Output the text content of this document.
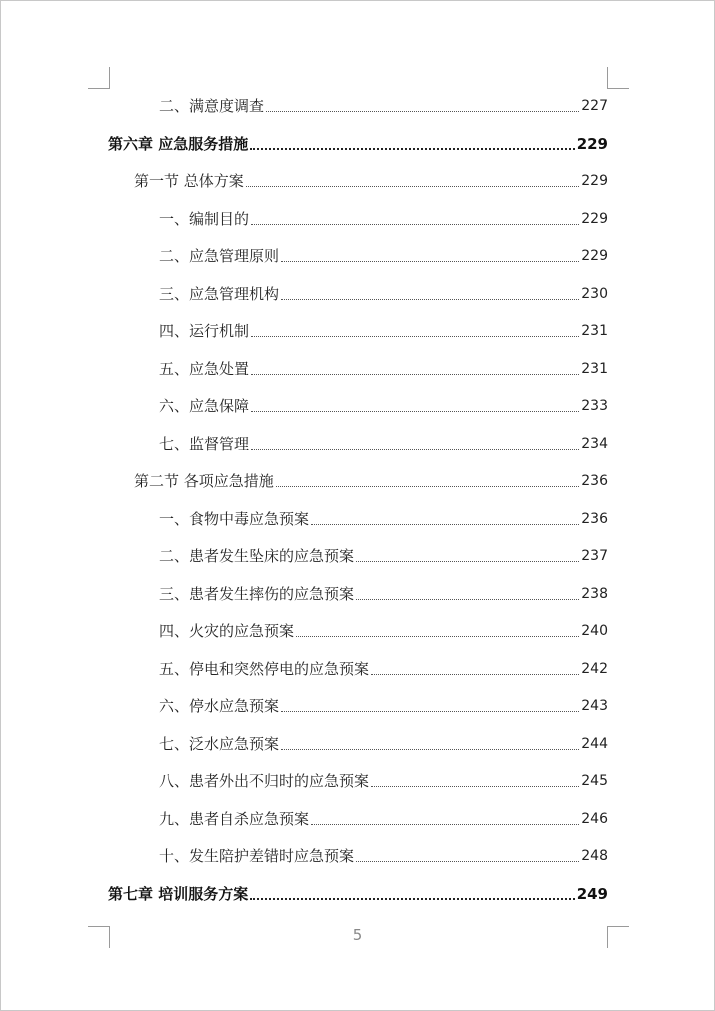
二、满意度调查	227
第六章 应急服务措施	229
第一节 总体方案	229
一、编制目的	229
二、应急管理原则	229
三、应急管理机构	230
四、运行机制	231
五、应急处置	231
六、应急保障	233
七、监督管理	234
第二节 各项应急措施	236
一、食物中毒应急预案	236
二、患者发生坠床的应急预案	237
三、患者发生摔伤的应急预案	238
四、火灾的应急预案	240
五、停电和突然停电的应急预案	242
六、停水应急预案	243
七、泛水应急预案	244
八、患者外出不归时的应急预案	245
九、患者自杀应急预案	246
十、发生陪护差错时应急预案	248
第七章 培训服务方案	249
5
